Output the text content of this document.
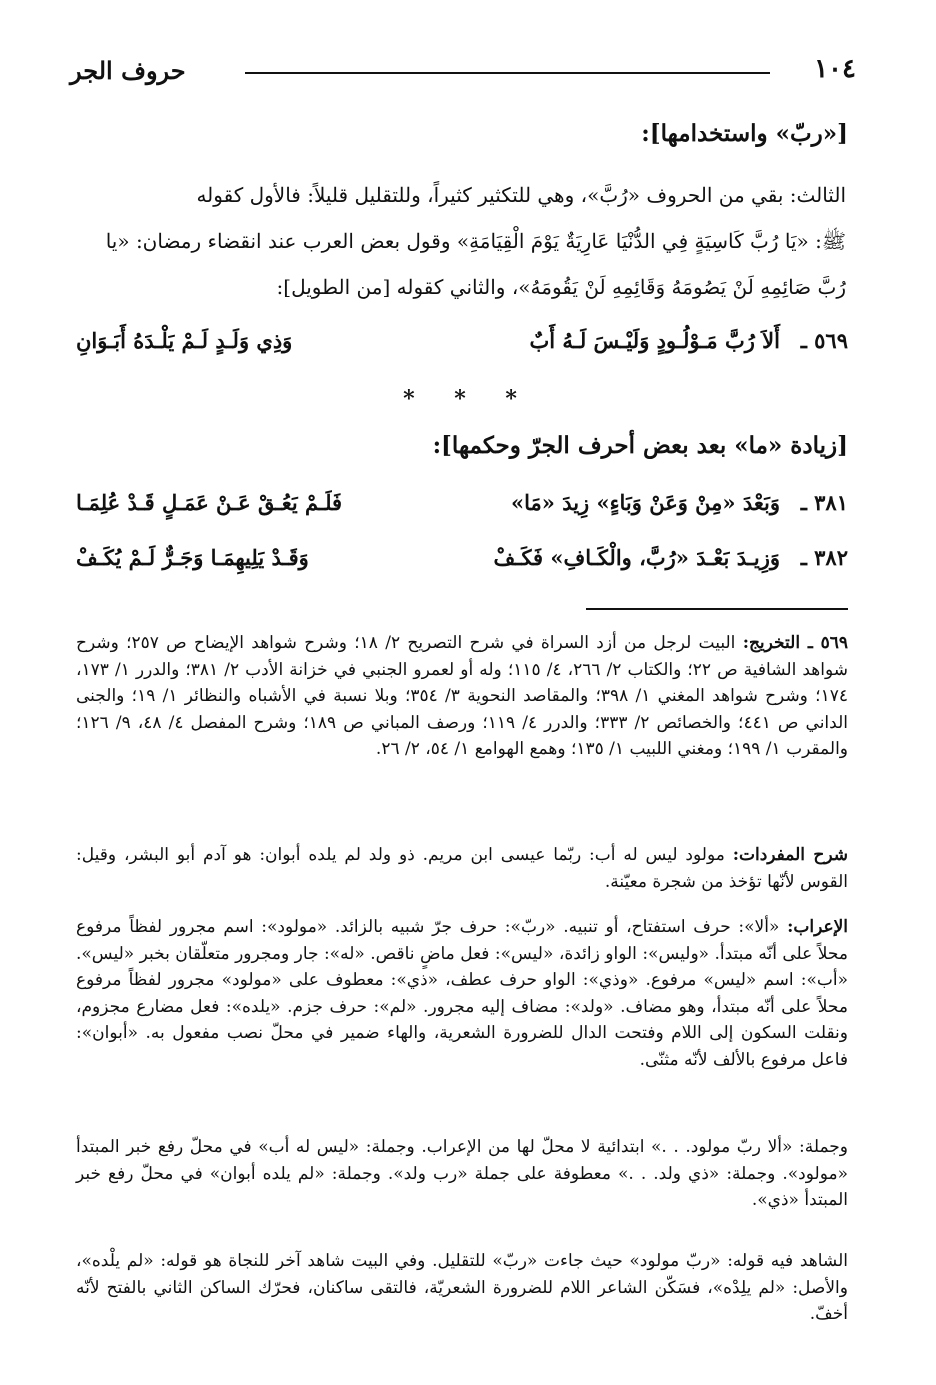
١٠٤
حروف الجر
[«ربّ» واستخدامها]:
الثالث: بقي من الحروف «رُبَّ»، وهي للتكثير كثيراً، وللتقليل قليلاً: فالأول كقوله
ﷺ: «يَا رُبَّ كَاسِيَةٍ فِي الدُّنْيَا عَارِيَةٌ يَوْمَ الْقِيَامَةِ» وقول بعض العرب عند انقضاء رمضان: «يا
رُبَّ صَائِمِهِ لَنْ يَصُومَهُ وَقَائِمِهِ لَنْ يَقُومَهُ»، والثاني كقوله [من الطويل]:
٥٦٩ ـ
أَلاَ رُبَّ مَـوْلُـودٍ وَلَيْـسَ لَـهُ أَبٌ
وَذِي وَلَـدٍ لَـمْ يَلْـدَهُ أَبَـوَانِ
* * *
[زيادة «ما» بعد بعض أحرف الجرّ وحكمها]:
٣٨١ ـ
وَبَعْدَ «مِنْ وَعَنْ وَبَاءٍ» زِيدَ «مَا»
فَلَـمْ يَعُـقْ عَـنْ عَمَـلٍ قَـدْ عُلِمَـا
٣٨٢ ـ
وَزِيـدَ بَعْـدَ «رُبَّ، والْكَـافِ» فَكَـفْ
وَقَـدْ يَلِيهِمَـا وَجَـرٌّ لَـمْ يُكَـفْ
٥٦٩ ـ التخريج: البيت لرجل من أزد السراة في شرح التصريح ٢/ ١٨؛ وشرح شواهد الإيضاح ص ٢٥٧؛ وشرح شواهد الشافية ص ٢٢؛ والكتاب ٢/ ٢٦٦، ٤/ ١١٥؛ وله أو لعمرو الجنبي في خزانة الأدب ٢/ ٣٨١؛ والدرر ١/ ١٧٣، ١٧٤؛ وشرح شواهد المغني ١/ ٣٩٨؛ والمقاصد النحوية ٣/ ٣٥٤؛ وبلا نسبة في الأشباه والنظائر ١/ ١٩؛ والجنى الداني ص ٤٤١؛ والخصائص ٢/ ٣٣٣؛ والدرر ٤/ ١١٩؛ ورصف المباني ص ١٨٩؛ وشرح المفصل ٤/ ٤٨، ٩/ ١٢٦؛ والمقرب ١/ ١٩٩؛ ومغني اللبيب ١/ ١٣٥؛ وهمع الهوامع ١/ ٥٤، ٢/ ٢٦.
شرح المفردات: مولود ليس له أب: ربّما عيسى ابن مريم. ذو ولد لم يلده أبوان: هو آدم أبو البشر، وقيل: القوس لأنّها تؤخذ من شجرة معيّنة.
الإعراب: «ألا»: حرف استفتاح، أو تنبيه. «ربّ»: حرف جرّ شبيه بالزائد. «مولود»: اسم مجرور لفظاً مرفوع محلاً على أنّه مبتدأ. «وليس»: الواو زائدة، «ليس»: فعل ماضٍ ناقص. «له»: جار ومجرور متعلّقان بخبر «ليس». «أب»: اسم «ليس» مرفوع. «وذي»: الواو حرف عطف، «ذي»: معطوف على «مولود» مجرور لفظاً مرفوع محلاً على أنّه مبتدأ، وهو مضاف. «ولد»: مضاف إليه مجرور. «لم»: حرف جزم. «يلده»: فعل مضارع مجزوم، ونقلت السكون إلى اللام وفتحت الدال للضرورة الشعرية، والهاء ضمير في محلّ نصب مفعول به. «أبوان»: فاعل مرفوع بالألف لأنّه مثنّى.
وجملة: «ألا ربّ مولود. . .» ابتدائية لا محلّ لها من الإعراب. وجملة: «ليس له أب» في محلّ رفع خبر المبتدأ «مولود». وجملة: «ذي ولد. . .» معطوفة على جملة «رب ولد». وجملة: «لم يلده أبوان» في محلّ رفع خبر المبتدأ «ذي».
الشاهد فيه قوله: «ربّ مولود» حيث جاءت «ربّ» للتقليل. وفي البيت شاهد آخر للنجاة هو قوله: «لم يلْده»، والأصل: «لم يلِدْه»، فسَكّن الشاعر اللام للضرورة الشعريّة، فالتقى ساكنان، فحرّك الساكن الثاني بالفتح لأنّه أخفّ.
